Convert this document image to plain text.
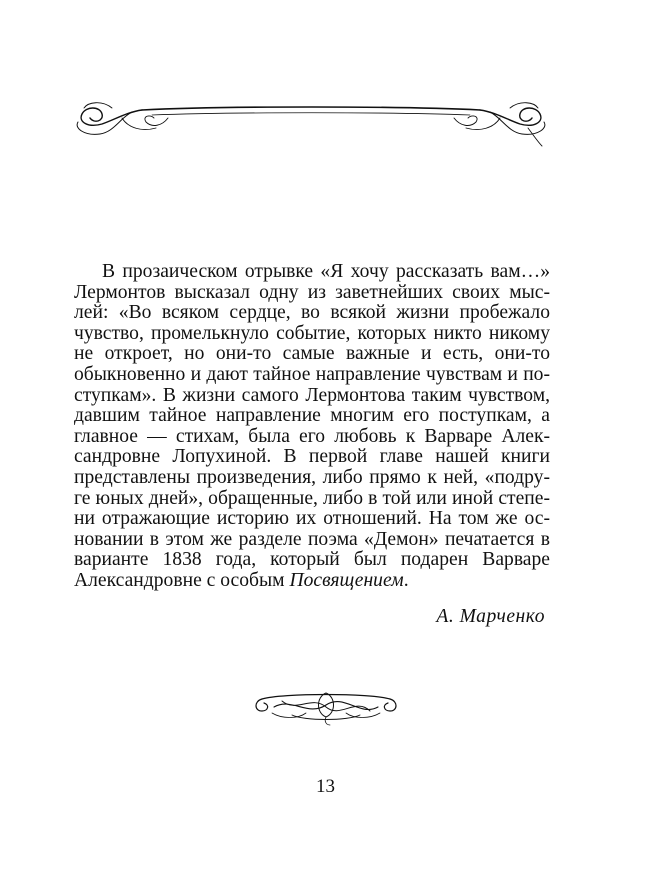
В прозаическом отрывке «Я хочу рассказать вам…»
Лермонтов высказал одну из заветнейших своих мыс-
лей: «Во всяком сердце, во всякой жизни пробежало
чувство, промелькнуло событие, которых никто никому
не откроет, но они-то самые важные и есть, они-то
обыкновенно и дают тайное направление чувствам и по-
ступкам». В жизни самого Лермонтова таким чувством,
давшим тайное направление многим его поступкам, а
главное — стихам, была его любовь к Варваре Алек-
сандровне Лопухиной. В первой главе нашей книги
представлены произведения, либо прямо к ней, «подру-
ге юных дней», обращенные, либо в той или иной степе-
ни отражающие историю их отношений. На том же ос-
новании в этом же разделе поэма «Демон» печатается в
варианте 1838 года, который был подарен Варваре
Александровне с особым Посвящением.

А. Марченко

13
